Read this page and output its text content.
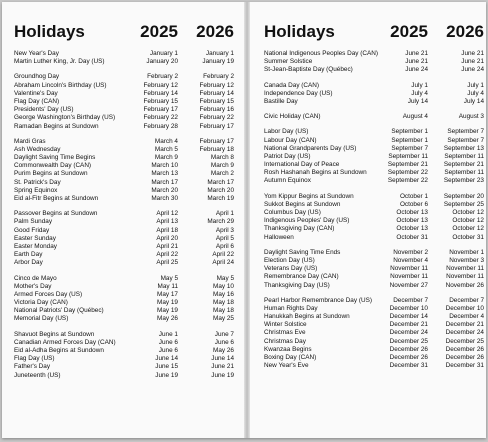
Holidays	2025 2026
New Year's Day	January 1	January 1
Martin Luther King, Jr. Day (US)	January 20	January 19
Groundhog Day	February 2	February 2
Abraham Lincoln's Birthday (US)	February 12	February 12
Valentine's Day	February 14	February 14
Flag Day (CAN)	February 15	February 15
Presidents' Day (US)	February 17	February 16
George Washington's Birthday (US)	February 22	February 22
Ramadan Begins at Sundown	February 28	February 17
Mardi Gras	March 4	February 17
Ash Wednesday	March 5	February 18
Daylight Saving Time Begins	March 9	March 8
Commonwealth Day (CAN)	March 10	March 9
Purim Begins at Sundown	March 13	March 2
St. Patrick's Day	March 17	March 17
Spring Equinox	March 20	March 20
Eid al-Fitr Begins at Sundown	March 30	March 19
Passover Begins at Sundown	April 12	April 1
Palm Sunday	April 13	March 29
Good Friday	April 18	April 3
Easter Sunday	April 20	April 5
Easter Monday	April 21	April 6
Earth Day	April 22	April 22
Arbor Day	April 25	April 24
Cinco de Mayo	May 5	May 5
Mother's Day	May 11	May 10
Armed Forces Day (US)	May 17	May 16
Victoria Day (CAN)	May 19	May 18
National Patriots' Day (Québec)	May 19	May 18
Memorial Day (US)	May 26	May 25
Shavuot Begins at Sundown	June 1	June 7
Canadian Armed Forces Day (CAN)	June 6	June 6
Eid al-Adha Begins at Sundown	June 6	May 26
Flag Day (US)	June 14	June 14
Father's Day	June 15	June 21
Juneteenth (US)	June 19	June 19
Holidays	2025 2026
National Indigenous Peoples Day (CAN)	June 21	June 21
Summer Solstice	June 21	June 21
St-Jean-Baptiste Day (Québec)	June 24	June 24
Canada Day (CAN)	July 1	July 1
Independence Day (US)	July 4	July 4
Bastille Day	July 14	July 14
Civic Holiday (CAN)	August 4	August 3
Labor Day (US)	September 1	September 7
Labour Day (CAN)	September 1	September 7
National Grandparents Day (US)	September 7 September 13
Patriot Day (US)	September 11	September 11
International Day of Peace	September 21 September 21
Rosh Hashanah Begins at Sundown	September 22	September 11
Autumn Equinox	September 22 September 23
Yom Kippur Begins at Sundown	October 1 September 20
Sukkot Begins at Sundown	October 6 September 25
Columbus Day (US)	October 13	October 12
Indigenous Peoples' Day (US)	October 13	October 12
Thanksgiving Day (CAN)	October 13	October 12
Halloween	October 31	October 31
Daylight Saving Time Ends	November 2	November 1
Election Day (US)	November 4	November 3
Veterans Day (US)	November 11	November 11
Remembrance Day (CAN)	November 11	November 11
Thanksgiving Day (US)	November 27	November 26
Pearl Harbor Remembrance Day (US)	December 7	December 7
Human Rights Day	December 10	December 10
Hanukkah Begins at Sundown	December 14	December 4
Winter Solstice	December 21	December 21
Christmas Eve	December 24	December 24
Christmas Day	December 25	December 25
Kwanzaa Begins	December 26	December 26
Boxing Day (CAN)	December 26	December 26
New Year's Eve	December 31	December 31
